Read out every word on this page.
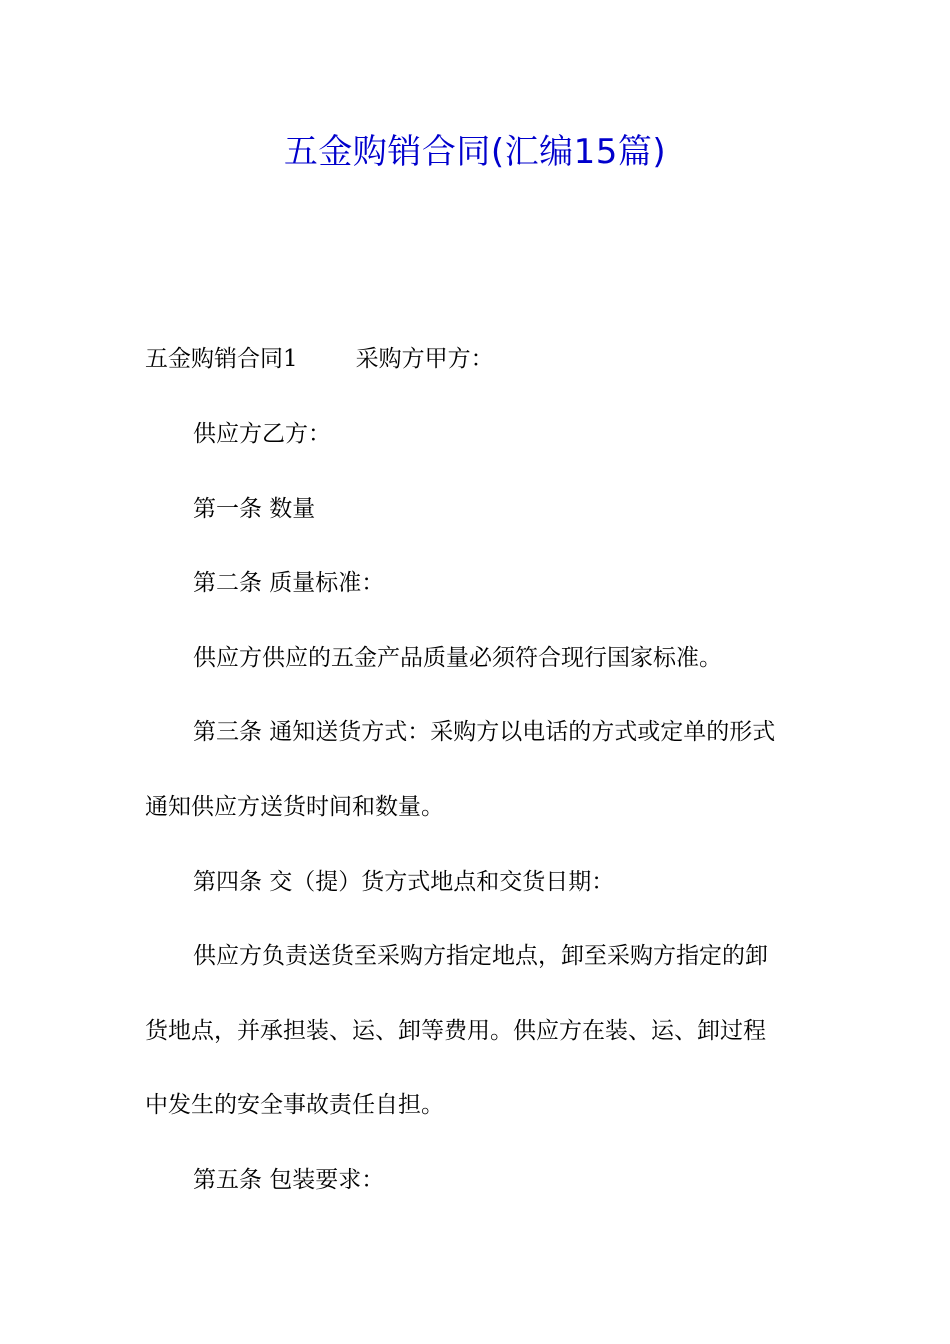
五金购销合同(汇编15篇)
五金购销合同1	采购方甲方：
供应方乙方：
第一条 数量
第二条 质量标准：
供应方供应的五金产品质量必须符合现行国家标准。
第三条 通知送货方式：采购方以电话的方式或定单的形式
通知供应方送货时间和数量。
第四条 交（提）货方式地点和交货日期：
供应方负责送货至采购方指定地点，卸至采购方指定的卸
货地点，并承担装、运、卸等费用。供应方在装、运、卸过程
中发生的安全事故责任自担。
第五条 包装要求：
